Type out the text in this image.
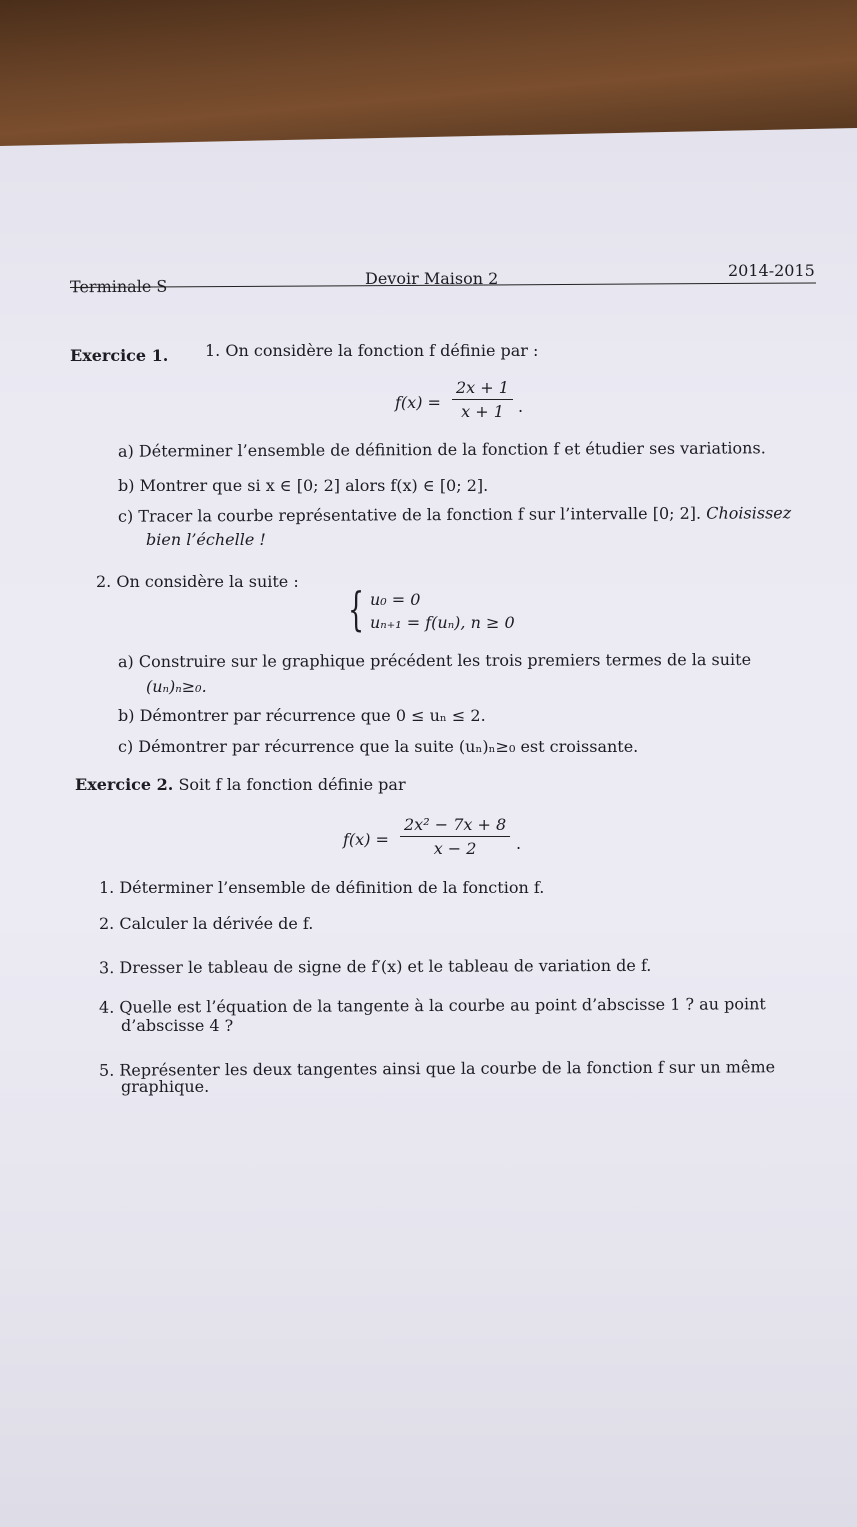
Terminale S	Devoir Maison 2	2014-2015
Exercice 1. 1. On considère la fonction f définie par :
$f(x) = \frac{2x + 1}{x + 1}$ .
a) Déterminer l’ensemble de définition de la fonction f et étudier ses variations.
b) Montrer que si x ∈ [0; 2] alors f(x) ∈ [0; 2].
c) Tracer la courbe représentative de la fonction f sur l’intervalle [0; 2]. Choisissez
bien l’échelle !
2. On considère la suite :
{ u₀ = 0
uₙ₊₁ = f(uₙ), n ≥ 0
a) Construire sur le graphique précédent les trois premiers termes de la suite
(uₙ)ₙ≥₀.
b) Démontrer par récurrence que 0 ≤ uₙ ≤ 2.
c) Démontrer par récurrence que la suite (uₙ)ₙ≥₀ est croissante.
Exercice 2. Soit f la fonction définie par
$f(x) = \frac{\text{2x² − 7x + 8}}{x - 2}$ .
1. Déterminer l’ensemble de définition de la fonction f.
2. Calculer la dérivée de f.
3. Dresser le tableau de signe de f′(x) et le tableau de variation de f.
4. Quelle est l’équation de la tangente à la courbe au point d’abscisse 1 ? au point
d’abscisse 4 ?
5. Représenter les deux tangentes ainsi que la courbe de la fonction f sur un même
graphique.
